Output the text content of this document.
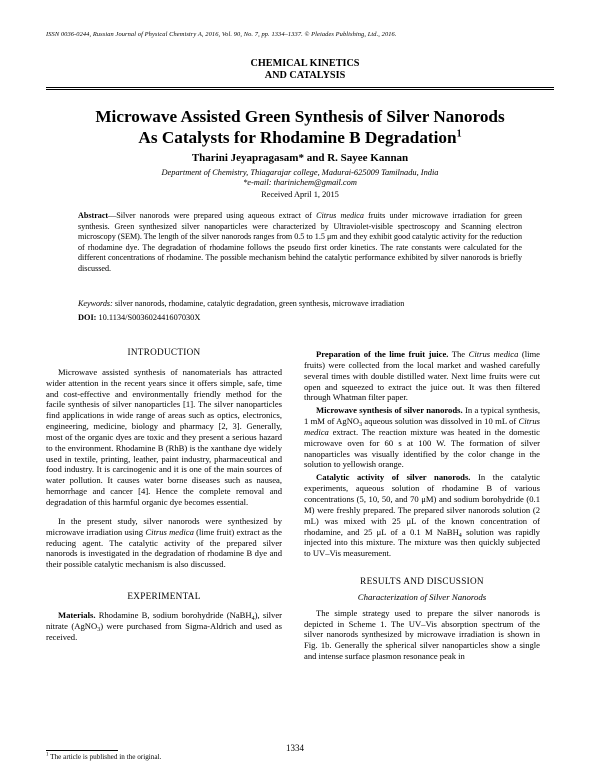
ISSN 0036-0244, Russian Journal of Physical Chemistry A, 2016, Vol. 90, No. 7, pp. 1334–1337. © Pleiades Publishing, Ltd., 2016.
CHEMICAL KINETICS
AND CATALYSIS
Microwave Assisted Green Synthesis of Silver Nanorods
As Catalysts for Rhodamine B Degradation$^1$
Tharini Jeyapragasam* and R. Sayee Kannan
Department of Chemistry, Thiagarajar college, Madurai-625009 Tamilnadu, India
*e-mail: tharinichem@gmail.com
Received April 1, 2015
Abstract—Silver nanorods were prepared using aqueous extract of Citrus medica fruits under microwave irradiation for green synthesis. Green synthesized silver nanoparticles were characterized by Ultraviolet-visible spectroscopy and Scanning electron microscopy (SEM). The length of the silver nanorods ranges from 0.5 to 1.5 μm and they exhibit good catalytic activity for the reduction of rhodamine dye. The degradation of rhodamine follows the pseudo first order kinetics. The rate constants were calculated for the different concentrations of rhodamine. The possible mechanism behind the catalytic performance exhibited by silver nanorods is briefly discussed.
Keywords: silver nanorods, rhodamine, catalytic degradation, green synthesis, microwave irradiation
DOI: 10.1134/S003602441607030X
INTRODUCTION

Microwave assisted synthesis of nanomaterials has attracted wider attention in the recent years since it offers simple, safe, time and cost-effective and environmentally friendly method for the facile synthesis of silver nanoparticles [1]. The silver nanoparticles find applications in wide range of areas such as optics, electronics, engineering, medicine, biology and pharmacy [2, 3]. Generally, most of the organic dyes are toxic and they present a serious hazard to the environment. Rhodamine B (RhB) is the xanthane dye widely used in textile, printing, leather, paint industry, pharmaceutical and food industry. It is carcinogenic and it is one of the main sources of water pollution. It causes water borne diseases such as nausea, hemorrhage and cancer [4]. Hence the complete removal and degradation of this harmful organic dye becomes essential.

In the present study, silver nanorods were synthesized by microwave irradiation using Citrus medica (lime fruit) extract as the reducing agent. The catalytic activity of the prepared silver nanorods is investigated in the degradation of rhodamine B dye and their possible catalytic mechanism is also discussed.

EXPERIMENTAL

Materials. Rhodamine B, sodium borohydride (NaBH$_4$), silver nitrate (AgNO$_3$) were purchased from Sigma-Aldrich and used as received.

Preparation of the lime fruit juice. The Citrus medica (lime fruits) were collected from the local market and washed carefully several times with double distilled water. Next lime fruits were cut open and squeezed to extract the juice out. It was then filtered through Whatman filter paper.

Microwave synthesis of silver nanorods. In a typical synthesis, 1 mM of AgNO$_3$ aqueous solution was dissolved in 10 mL of Citrus medica extract. The reaction mixture was heated in the domestic microwave oven for 60 s at 100 W. The formation of silver nanoparticles was visually identified by the color change in the solution to yellowish orange.

Catalytic activity of silver nanorods. In the catalytic experiments, aqueous solution of rhodamine B of various concentrations (5, 10, 50, and 70 μM) and sodium borohydride (0.1 M) were freshly prepared. The prepared silver nanorods solution (2 mL) was mixed with 25 μL of the known concentration of rhodamine, and 25 μL of a 0.1 M NaBH$_4$ solution was rapidly injected into this mixture. The mixture was then quickly subjected to UV–Vis measurement.

RESULTS AND DISCUSSION
Characterization of Silver Nanorods

The simple strategy used to prepare the silver nanorods is depicted in Scheme 1. The UV–Vis absorption spectrum of the silver nanorods synthesized by microwave irradiation is shown in Fig. 1b. Generally the spherical silver nanoparticles show a single and intense surface plasmon resonance peak in

1334
$^1$ The article is published in the original.
